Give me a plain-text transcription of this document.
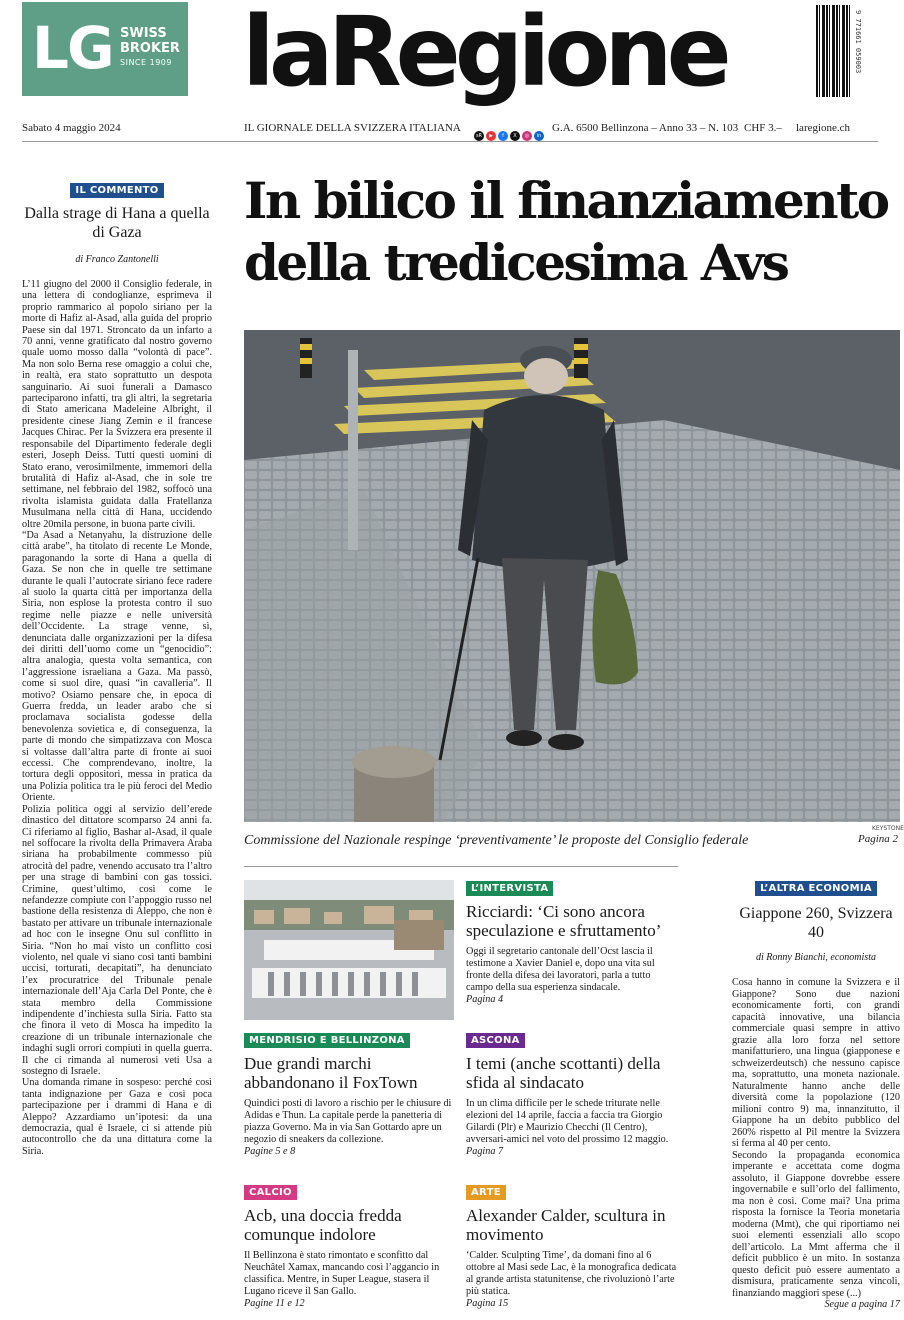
LG SWISS
BROKER
SINCE 1909 laRegione	9 771661 059003
Sabato 4 maggio 2024	IL GIORNALE DELLA SVIZZERA ITALIANA	G.A. 6500 Bellinzona – Anno 33 – N. 103 CHF 3.– laregione.ch
sR	▶	f	X	◎	in
IL COMMENTO
Dalla strage di Hana a quella di Gaza
di Franco Zantonelli

L’11 giugno del 2000 il Consiglio federale, in una lettera di condoglianze, esprimeva il proprio rammarico al popolo siriano per la morte di Hafiz al-Asad, alla guida del proprio Paese sin dal 1971. Stroncato da un infarto a 70 anni, venne gratificato dal nostro governo quale uomo mosso dalla “volontà di pace”. Ma non solo Berna rese omaggio a colui che, in realtà, era stato soprattutto un despota sanguinario. Ai suoi funerali a Damasco parteciparono infatti, tra gli altri, la segretaria di Stato americana Madeleine Albright, il presidente cinese Jiang Zemin e il francese Jacques Chirac. Per la Svizzera era presente il responsabile del Dipartimento federale degli esteri, Joseph Deiss. Tutti questi uomini di Stato erano, verosimilmente, immemori della brutalità di Hafiz al-Asad, che in sole tre settimane, nel febbraio del 1982, soffocò una rivolta islamista guidata dalla Fratellanza Musulmana nella città di Hana, uccidendo oltre 20mila persone, in buona parte civili.

“Da Asad a Netanyahu, la distruzione delle città arabe”, ha titolato di recente Le Monde, paragonando la sorte di Hana a quella di Gaza. Se non che in quelle tre settimane durante le quali l’autocrate siriano fece radere al suolo la quarta città per importanza della Siria, non esplose la protesta contro il suo regime nelle piazze e nelle università dell’Occidente. La strage venne, sì, denunciata dalle organizzazioni per la difesa dei diritti dell’uomo come un “genocidio”: altra analogia, questa volta semantica, con l’aggressione israeliana a Gaza. Ma passò, come si suol dire, quasi “in cavalleria”. Il motivo? Osiamo pensare che, in epoca di Guerra fredda, un leader arabo che si proclamava socialista godesse della benevolenza sovietica e, di conseguenza, la parte di mondo che simpatizzava con Mosca si voltasse dall’altra parte di fronte ai suoi eccessi. Che comprendevano, inoltre, la tortura degli oppositori, messa in pratica da una Polizia politica tra le più feroci del Medio Oriente.

Polizia politica oggi al servizio dell’erede dinastico del dittatore scomparso 24 anni fa. Ci riferiamo al figlio, Bashar al-Asad, il quale nel soffocare la rivolta della Primavera Araba siriana ha probabilmente commesso più atrocità del padre, venendo accusato tra l’altro per una strage di bambini con gas tossici. Crimine, quest’ultimo, così come le nefandezze compiute con l’appoggio russo nel bastione della resistenza di Aleppo, che non è bastato per attivare un tribunale internazionale ad hoc con le insegne Onu sul conflitto in Siria. “Non ho mai visto un conflitto così violento, nel quale vi siano così tanti bambini uccisi, torturati, decapitati”, ha denunciato l’ex procuratrice del Tribunale penale internazionale dell’Aja Carla Del Ponte, che è stata membro della Commissione indipendente d’inchiesta sulla Siria. Fatto sta che finora il veto di Mosca ha impedito la creazione di un tribunale internazionale che indaghi sugli orrori compiuti in quella guerra. Il che ci rimanda al numerosi veti Usa a sostegno di Israele.

Una domanda rimane in sospeso: perché così tanta indignazione per Gaza e così poca partecipazione per i drammi di Hana e di Aleppo? Azzardiamo un’ipotesi: da una democrazia, qual è Israele, ci si attende più autocontrollo che da una dittatura come la Siria.

In bilico il finanziamento della tredicesima Avs
KEYSTONE
Commissione del Nazionale respinge ‘preventivamente’ le proposte del Consiglio federale	Pagina 2
MENDRISIO E BELLINZONA
Due grandi marchi abbandonano il FoxTown
Quindici posti di lavoro a rischio per le chiusure di Adidas e Thun. La capitale perde la panetteria di piazza Governo. Ma in via San Gottardo apre un negozio di sneakers da collezione.
Pagine 5 e 8
CALCIO
Acb, una doccia fredda comunque indolore
Il Bellinzona è stato rimontato e sconfitto dal Neuchâtel Xamax, mancando così l’aggancio in classifica. Mentre, in Super League, stasera il Lugano riceve il San Gallo.
Pagine 11 e 12
L’INTERVISTA
Ricciardi: ‘Ci sono ancora speculazione e sfruttamento’
Oggi il segretario cantonale dell’Ocst lascia il testimone a Xavier Daniel e, dopo una vita sul fronte della difesa dei lavoratori, parla a tutto campo della sua esperienza sindacale.
Pagina 4
ASCONA
I temi (anche scottanti) della sfida al sindacato
In un clima difficile per le schede triturate nelle elezioni del 14 aprile, faccia a faccia tra Giorgio Gilardi (Plr) e Maurizio Checchi (Il Centro), avversari-amici nel voto del prossimo 12 maggio.
Pagina 7
ARTE
Alexander Calder, scultura in movimento
‘Calder. Sculpting Time’, da domani fino al 6 ottobre al Masi sede Lac, è la monografica dedicata al grande artista statunitense, che rivoluzionò l’arte più statica.
Pagina 15
L’ALTRA ECONOMIA
Giappone 260, Svizzera 40
di Ronny Bianchi, economista
Cosa hanno in comune la Svizzera e il Giappone? Sono due nazioni economicamente forti, con grandi capacità innovative, una bilancia commerciale quasi sempre in attivo grazie alla loro forza nel settore manifatturiero, una lingua (giapponese e schweizerdeutsch) che nessuno capisce ma, soprattutto, una moneta nazionale. Naturalmente hanno anche delle diversità come la popolazione (120 milioni contro 9) ma, innanzitutto, il Giappone ha un debito pubblico del 260% rispetto al Pil mentre la Svizzera si ferma al 40 per cento.
Secondo la propaganda economica imperante e accettata come dogma assoluto, il Giappone dovrebbe essere ingovernabile e sull’orlo del fallimento, ma non è così. Come mai? Una prima risposta la fornisce la Teoria monetaria moderna (Mmt), che qui riportiamo nei suoi elementi essenziali allo scopo dell’articolo. La Mmt afferma che il deficit pubblico è un mito. In sostanza questo deficit può essere aumentato a dismisura, praticamente senza vincoli, finanziando maggiori spese (...)
Segue a pagina 17
